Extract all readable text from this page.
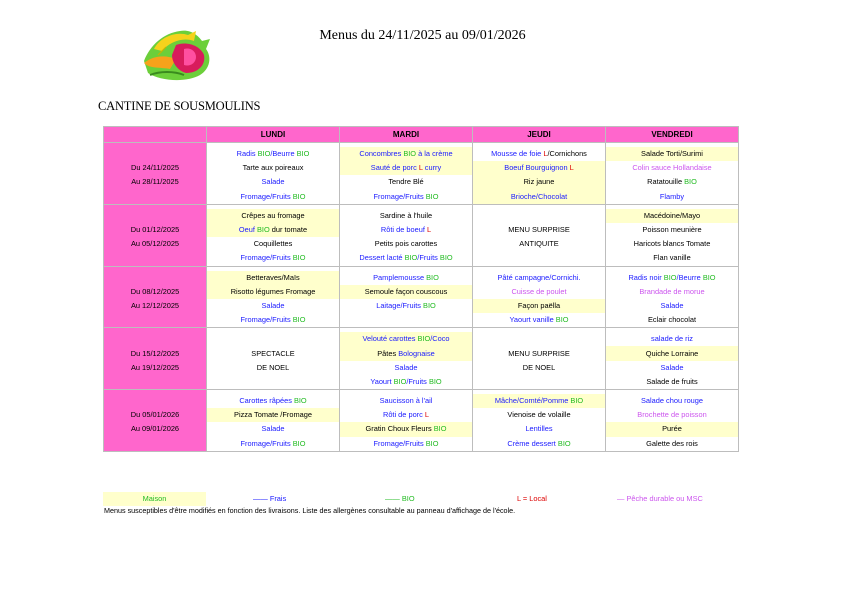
Menus du 24/11/2025 au 09/01/2026
CANTINE DE SOUSMOULINS
	LUNDI	MARDI	JEUDI	VENDREDI

	Radis BIO/Beurre BIO	Concombres BIO à la crème	Mousse de foie L/Cornichons	Salade Torti/Surimi
Du 24/11/2025	Tarte aux poireaux	Sauté de porc L curry	Boeuf Bourguignon L	Colin sauce Hollandaise
Au 28/11/2025	Salade	Tendre Blé	Riz jaune	Ratatouille BIO
	Fromage/Fruits BIO	Fromage/Fruits BIO	Brioche/Chocolat	Flamby

	Crêpes au fromage	Sardine à l'huile		Macédoine/Mayo
Du 01/12/2025	Oeuf BIO dur tomate	Rôti de boeuf L	MENU SURPRISE	Poisson meunière
Au 05/12/2025	Coquillettes	Petits pois carottes	ANTIQUITE	Haricots blancs Tomate
	Fromage/Fruits BIO	Dessert lacté BIO/Fruits BIO		Flan vanille

	Betteraves/Maïs	Pamplemousse BIO	Pâté campagne/Cornichi.	Radis noir BIO/Beurre BIO
Du 08/12/2025	Risotto légumes Fromage	Semoule façon couscous	Cuisse de poulet	Brandade de morue
Au 12/12/2025	Salade	Laitage/Fruits BIO	Façon paëlla	Salade
	Fromage/Fruits BIO		Yaourt vanille BIO	Eclair chocolat

		Velouté carottes BIO/Coco		salade de riz
Du 15/12/2025	SPECTACLE	Pâtes Bolognaise	MENU SURPRISE	Quiche Lorraine
Au 19/12/2025	DE NOEL	Salade	DE NOEL	Salade
		Yaourt BIO/Fruits BIO		Salade de fruits

	Carottes râpées BIO	Saucisson à l'ail	Mâche/Comté/Pomme BIO	Salade chou rouge
Du 05/01/2026	Pizza Tomate /Fromage	Rôti de porc L	Vienoise de volaille	Brochette de poisson
Au 09/01/2026	Salade	Gratin Choux Fleurs BIO	Lentilles	Purée
	Fromage/Fruits BIO	Fromage/Fruits BIO	Crème dessert BIO	Galette des rois
Maison	—— Frais	—— BIO	L = Local	— Pêche durable ou MSC
Menus susceptibles d'être modifiés en fonction des livraisons. Liste des allergènes consultable au panneau d'affichage de l'école.
